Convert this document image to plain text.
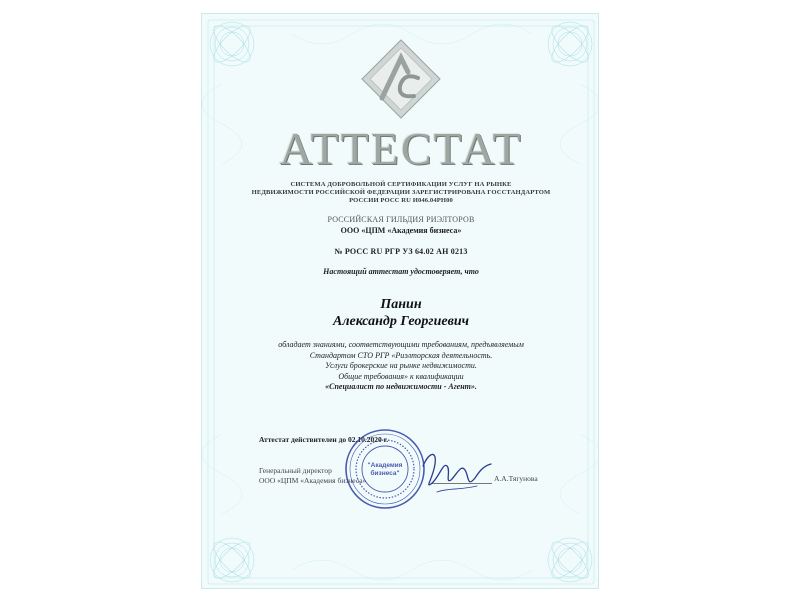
АТТЕСТАТ
СИСТЕМА ДОБРОВОЛЬНОЙ СЕРТИФИКАЦИИ УСЛУГ НА РЫНКЕ
НЕДВИЖИМОСТИ РОССИЙСКОЙ ФЕДЕРАЦИИ ЗАРЕГИСТРИРОВАНА ГОССТАНДАРТОМ
РОССИИ РОСС RU И046.04РН00
РОССИЙСКАЯ ГИЛЬДИЯ РИЭЛТОРОВ
ООО «ЦПМ «Академия бизнеса»
№ РОСС RU РГР УЗ 64.02 АН 0213
Настоящий аттестат удостоверяет, что
Панин
Александр Георгиевич
обладает знаниями, соответствующими требованиям, предъявляемым
Стандартом СТО РГР «Риэлторская деятельность.
Услуги брокерские на рынке недвижимости.
Общие требования» к квалификации
«Специалист по недвижимости - Агент».
Аттестат действителен до 02.10.2020 г.
Генеральный директор
ООО «ЦПМ «Академия бизнеса»	А.А.Тягунова
"Академия
бизнеса"
